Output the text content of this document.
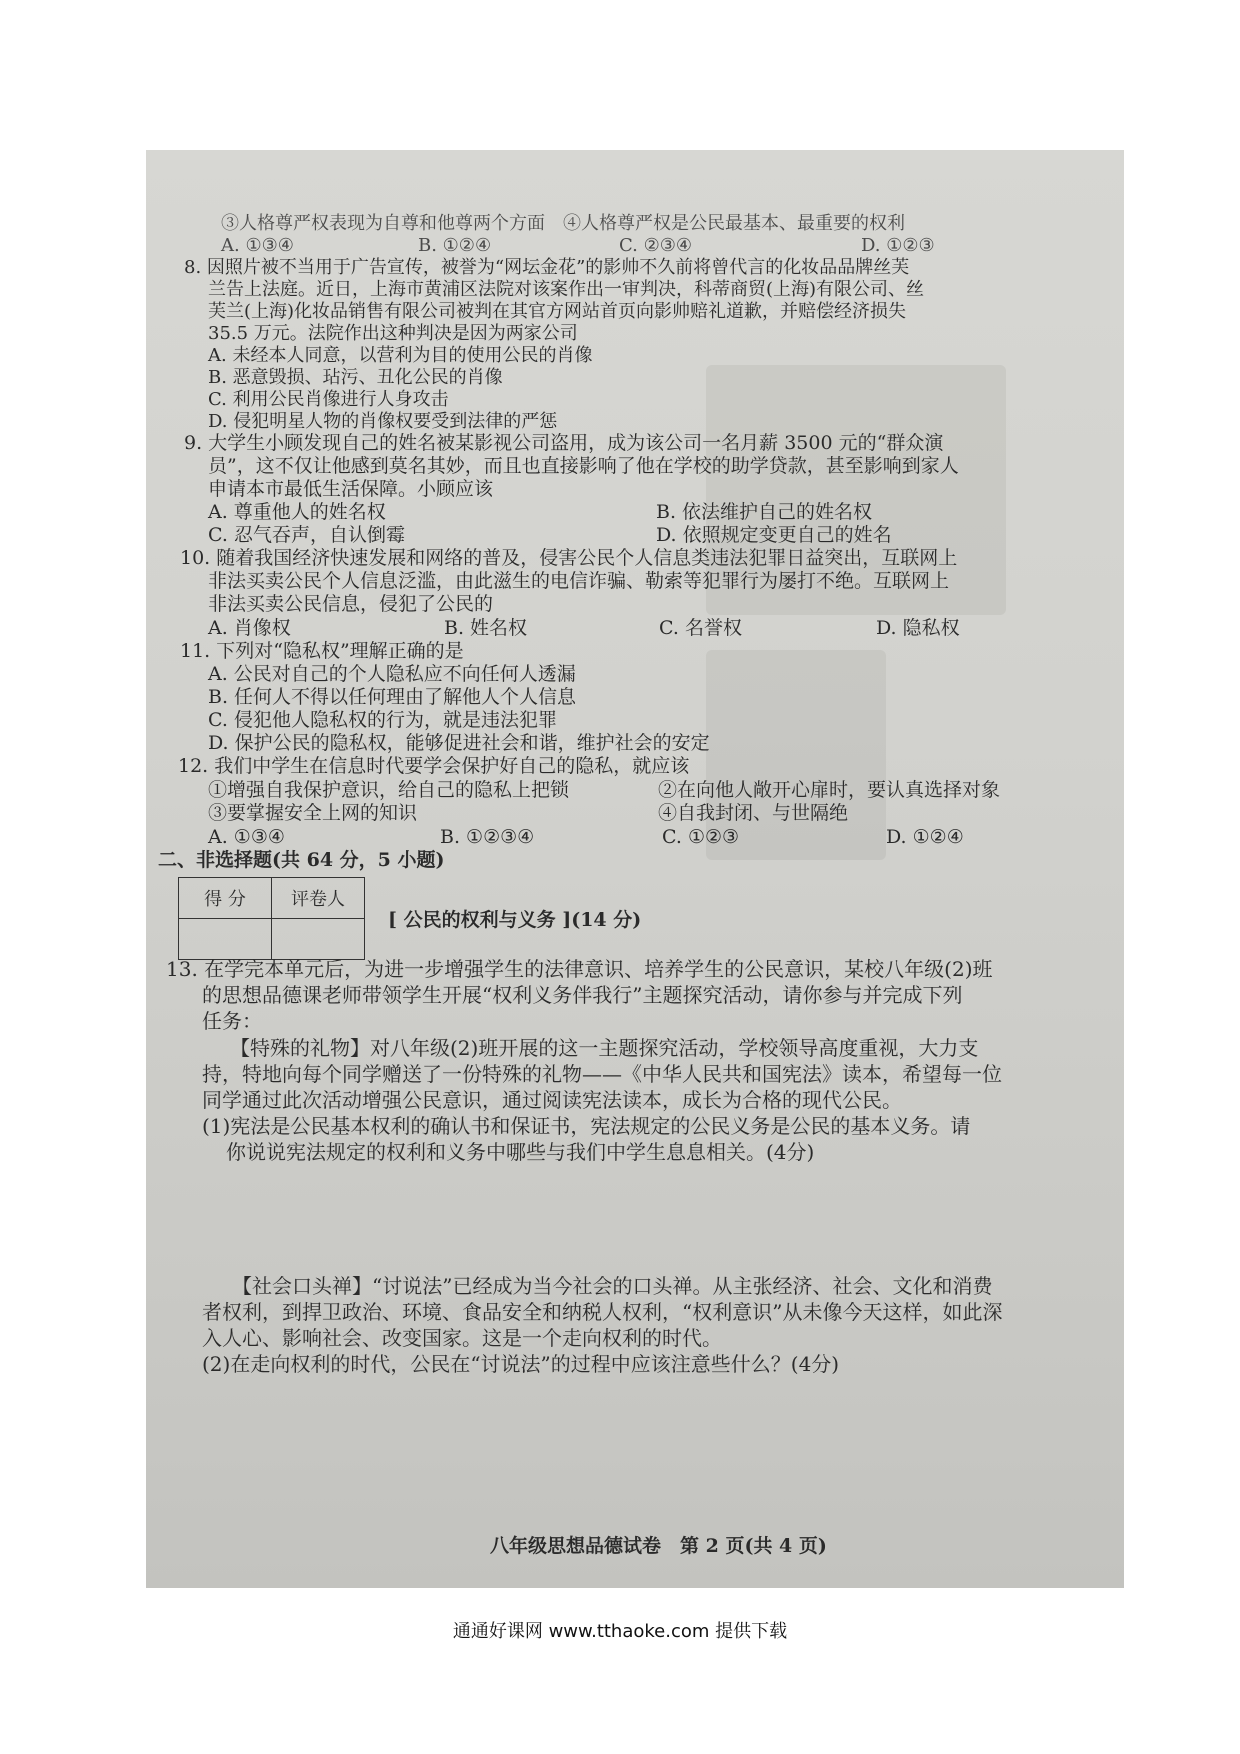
③人格尊严权表现为自尊和他尊两个方面　④人格尊严权是公民最基本、最重要的权利
A. ①③④	B. ①②④	C. ②③④	D. ①②③
8. 因照片被不当用于广告宣传，被誉为“网坛金花”的影帅不久前将曾代言的化妆品品牌丝芙
兰告上法庭。近日，上海市黄浦区法院对该案作出一审判决，科蒂商贸(上海)有限公司、丝
芙兰(上海)化妆品销售有限公司被判在其官方网站首页向影帅赔礼道歉，并赔偿经济损失
35.5 万元。法院作出这种判决是因为两家公司
A. 未经本人同意，以营利为目的使用公民的肖像
B. 恶意毁损、玷污、丑化公民的肖像
C. 利用公民肖像进行人身攻击
D. 侵犯明星人物的肖像权要受到法律的严惩
9. 大学生小顾发现自己的姓名被某影视公司盗用，成为该公司一名月薪 3500 元的“群众演
员”，这不仅让他感到莫名其妙，而且也直接影响了他在学校的助学贷款，甚至影响到家人
申请本市最低生活保障。小顾应该
A. 尊重他人的姓名权	B. 依法维护自己的姓名权
C. 忍气吞声，自认倒霉	D. 依照规定变更自己的姓名
10. 随着我国经济快速发展和网络的普及，侵害公民个人信息类违法犯罪日益突出，互联网上
非法买卖公民个人信息泛滥，由此滋生的电信诈骗、勒索等犯罪行为屡打不绝。互联网上
非法买卖公民信息，侵犯了公民的
A. 肖像权	B. 姓名权	C. 名誉权	D. 隐私权
11. 下列对“隐私权”理解正确的是
A. 公民对自己的个人隐私应不向任何人透漏
B. 任何人不得以任何理由了解他人个人信息
C. 侵犯他人隐私权的行为，就是违法犯罪
D. 保护公民的隐私权，能够促进社会和谐，维护社会的安定
12. 我们中学生在信息时代要学会保护好自己的隐私，就应该
①增强自我保护意识，给自己的隐私上把锁	②在向他人敞开心扉时，要认真选择对象
③要掌握安全上网的知识	④自我封闭、与世隔绝
A. ①③④	B. ①②③④	C. ①②③	D. ①②④
二、非选择题(共 64 分，5 小题)
得 分	评卷人

[ 公民的权利与义务 ](14 分)
13. 在学完本单元后，为进一步增强学生的法律意识、培养学生的公民意识，某校八年级(2)班
的思想品德课老师带领学生开展“权利义务伴我行”主题探究活动，请你参与并完成下列
任务：
【特殊的礼物】对八年级(2)班开展的这一主题探究活动，学校领导高度重视，大力支
持，特地向每个同学赠送了一份特殊的礼物——《中华人民共和国宪法》读本，希望每一位
同学通过此次活动增强公民意识，通过阅读宪法读本，成长为合格的现代公民。
(1)宪法是公民基本权利的确认书和保证书，宪法规定的公民义务是公民的基本义务。请
你说说宪法规定的权利和义务中哪些与我们中学生息息相关。(4分)
【社会口头禅】“讨说法”已经成为当今社会的口头禅。从主张经济、社会、文化和消费
者权利，到捍卫政治、环境、食品安全和纳税人权利，“权利意识”从未像今天这样，如此深
入人心、影响社会、改变国家。这是一个走向权利的时代。
(2)在走向权利的时代，公民在“讨说法”的过程中应该注意些什么？(4分)
八年级思想品德试卷　第 2 页(共 4 页)
通通好课网 www.tthaoke.com 提供下载
